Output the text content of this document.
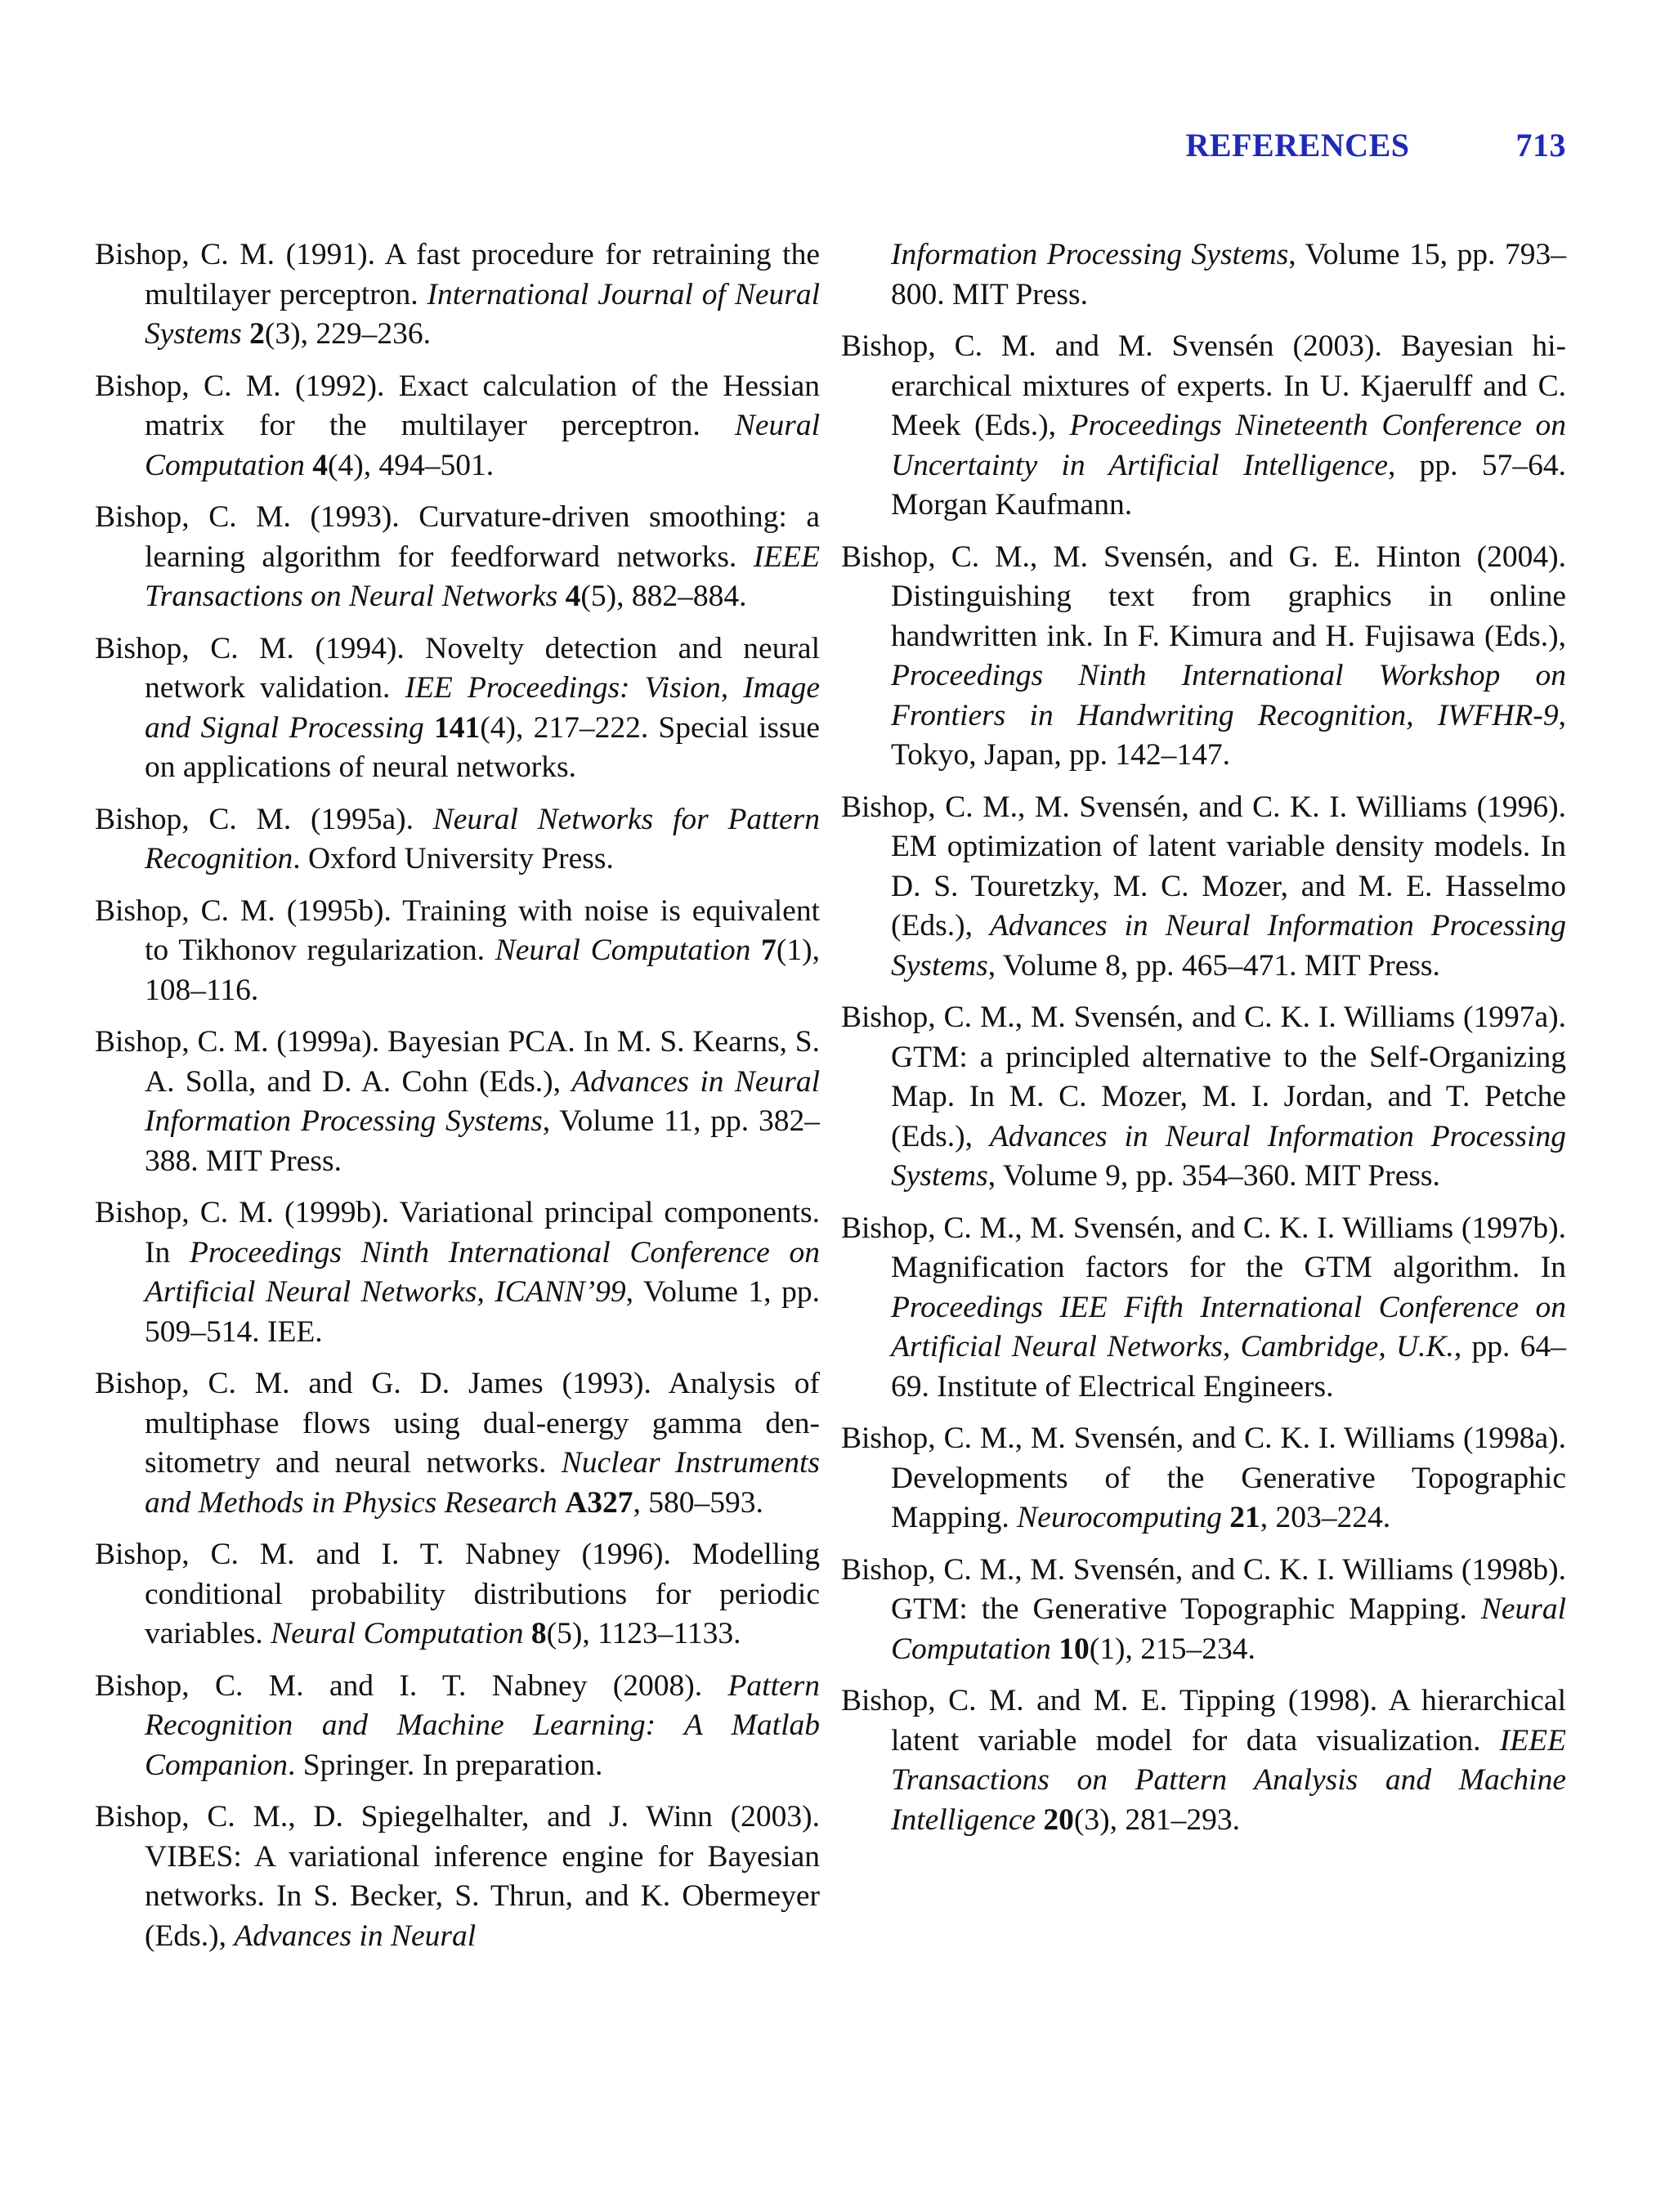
REFERENCES	713

Bishop, C. M. (1991). A fast procedure for retraining the multilayer perceptron. International Journal of Neural Systems 2(3), 229–236.

Bishop, C. M. (1992). Exact calculation of the Hessian matrix for the multilayer perceptron. Neural Computation 4(4), 494–501.

Bishop, C. M. (1993). Curvature-driven smoothing: a learning algorithm for feedforward networks. IEEE Transactions on Neural Networks 4(5), 882–884.

Bishop, C. M. (1994). Novelty detection and neural network validation. IEE Proceedings: Vision, Image and Signal Processing 141(4), 217–222. Special issue on applications of neural networks.

Bishop, C. M. (1995a). Neural Networks for Pattern Recognition. Oxford University Press.

Bishop, C. M. (1995b). Training with noise is equivalent to Tikhonov regularization. Neural Computation 7(1), 108–116.

Bishop, C. M. (1999a). Bayesian PCA. In M. S. Kearns, S. A. Solla, and D. A. Cohn (Eds.), Advances in Neural Information Processing Systems, Volume 11, pp. 382–388. MIT Press.

Bishop, C. M. (1999b). Variational principal components. In Proceedings Ninth International Conference on Artificial Neural Networks, ICANN’99, Volume 1, pp. 509–514. IEE.

Bishop, C. M. and G. D. James (1993). Analysis of multiphase flows using dual-energy gamma densitometry and neural networks. Nuclear Instruments and Methods in Physics Research A327, 580–593.

Bishop, C. M. and I. T. Nabney (1996). Modelling conditional probability distributions for periodic variables. Neural Computation 8(5), 1123–1133.

Bishop, C. M. and I. T. Nabney (2008). Pattern Recognition and Machine Learning: A Matlab Companion. Springer. In preparation.

Bishop, C. M., D. Spiegelhalter, and J. Winn (2003). VIBES: A variational inference engine for Bayesian networks. In S. Becker, S. Thrun, and K. Obermeyer (Eds.), Advances in Neural

Information Processing Systems, Volume 15, pp. 793–800. MIT Press.

Bishop, C. M. and M. Svensén (2003). Bayesian hierarchical mixtures of experts. In U. Kjaerulff and C. Meek (Eds.), Proceedings Nineteenth Conference on Uncertainty in Artificial Intelligence, pp. 57–64. Morgan Kaufmann.

Bishop, C. M., M. Svensén, and G. E. Hinton (2004). Distinguishing text from graphics in online handwritten ink. In F. Kimura and H. Fujisawa (Eds.), Proceedings Ninth International Workshop on Frontiers in Handwriting Recognition, IWFHR-9, Tokyo, Japan, pp. 142–147.

Bishop, C. M., M. Svensén, and C. K. I. Williams (1996). EM optimization of latent variable density models. In D. S. Touretzky, M. C. Mozer, and M. E. Hasselmo (Eds.), Advances in Neural Information Processing Systems, Volume 8, pp. 465–471. MIT Press.

Bishop, C. M., M. Svensén, and C. K. I. Williams (1997a). GTM: a principled alternative to the Self-Organizing Map. In M. C. Mozer, M. I. Jordan, and T. Petche (Eds.), Advances in Neural Information Processing Systems, Volume 9, pp. 354–360. MIT Press.

Bishop, C. M., M. Svensén, and C. K. I. Williams (1997b). Magnification factors for the GTM algorithm. In Proceedings IEE Fifth International Conference on Artificial Neural Networks, Cambridge, U.K., pp. 64–69. Institute of Electrical Engineers.

Bishop, C. M., M. Svensén, and C. K. I. Williams (1998a). Developments of the Generative Topographic Mapping. Neurocomputing 21, 203–224.

Bishop, C. M., M. Svensén, and C. K. I. Williams (1998b). GTM: the Generative Topographic Mapping. Neural Computation 10(1), 215–234.

Bishop, C. M. and M. E. Tipping (1998). A hierarchical latent variable model for data visualization. IEEE Transactions on Pattern Analysis and Machine Intelligence 20(3), 281–293.
